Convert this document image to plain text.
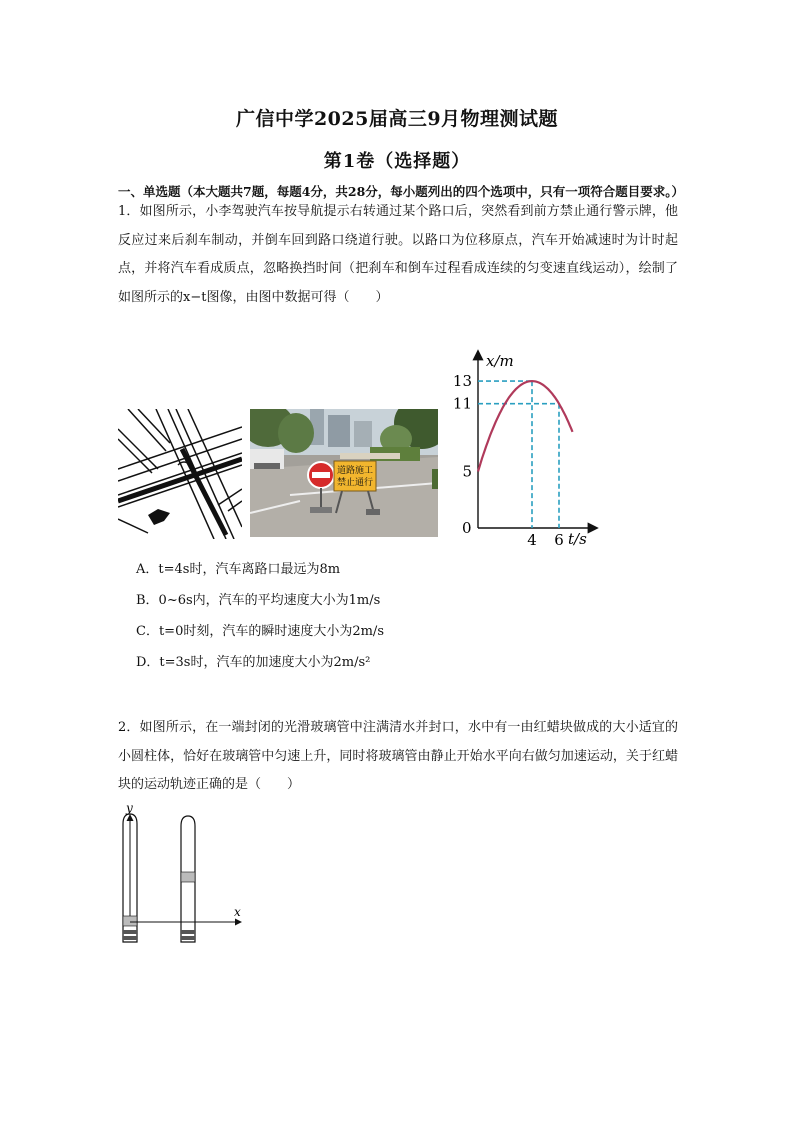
广信中学2025届高三9月物理测试题
第1卷（选择题）
一、单选题（本大题共7题，每题4分，共28分，每小题列出的四个选项中，只有一项符合题目要求。）
1．如图所示，小李驾驶汽车按导航提示右转通过某个路口后，突然看到前方禁止通行警示牌，他反应过来后刹车制动，并倒车回到路口绕道行驶。以路口为位移原点，汽车开始减速时为计时起点，并将汽车看成质点，忽略换挡时间（把刹车和倒车过程看成连续的匀变速直线运动），绘制了如图所示的x−t图像，由图中数据可得（　　）
道路施工
禁止通行
x/m
t/s
0
5
11
13
4 6
A．t=4s时，汽车离路口最远为8m
B．0~6s内，汽车的平均速度大小为1m/s
C．t=0时刻，汽车的瞬时速度大小为2m/s
D．t=3s时，汽车的加速度大小为2m/s²
2．如图所示，在一端封闭的光滑玻璃管中注满清水并封口，水中有一由红蜡块做成的大小适宜的小圆柱体，恰好在玻璃管中匀速上升，同时将玻璃管由静止开始水平向右做匀加速运动，关于红蜡块的运动轨迹正确的是（　　）
y
x
